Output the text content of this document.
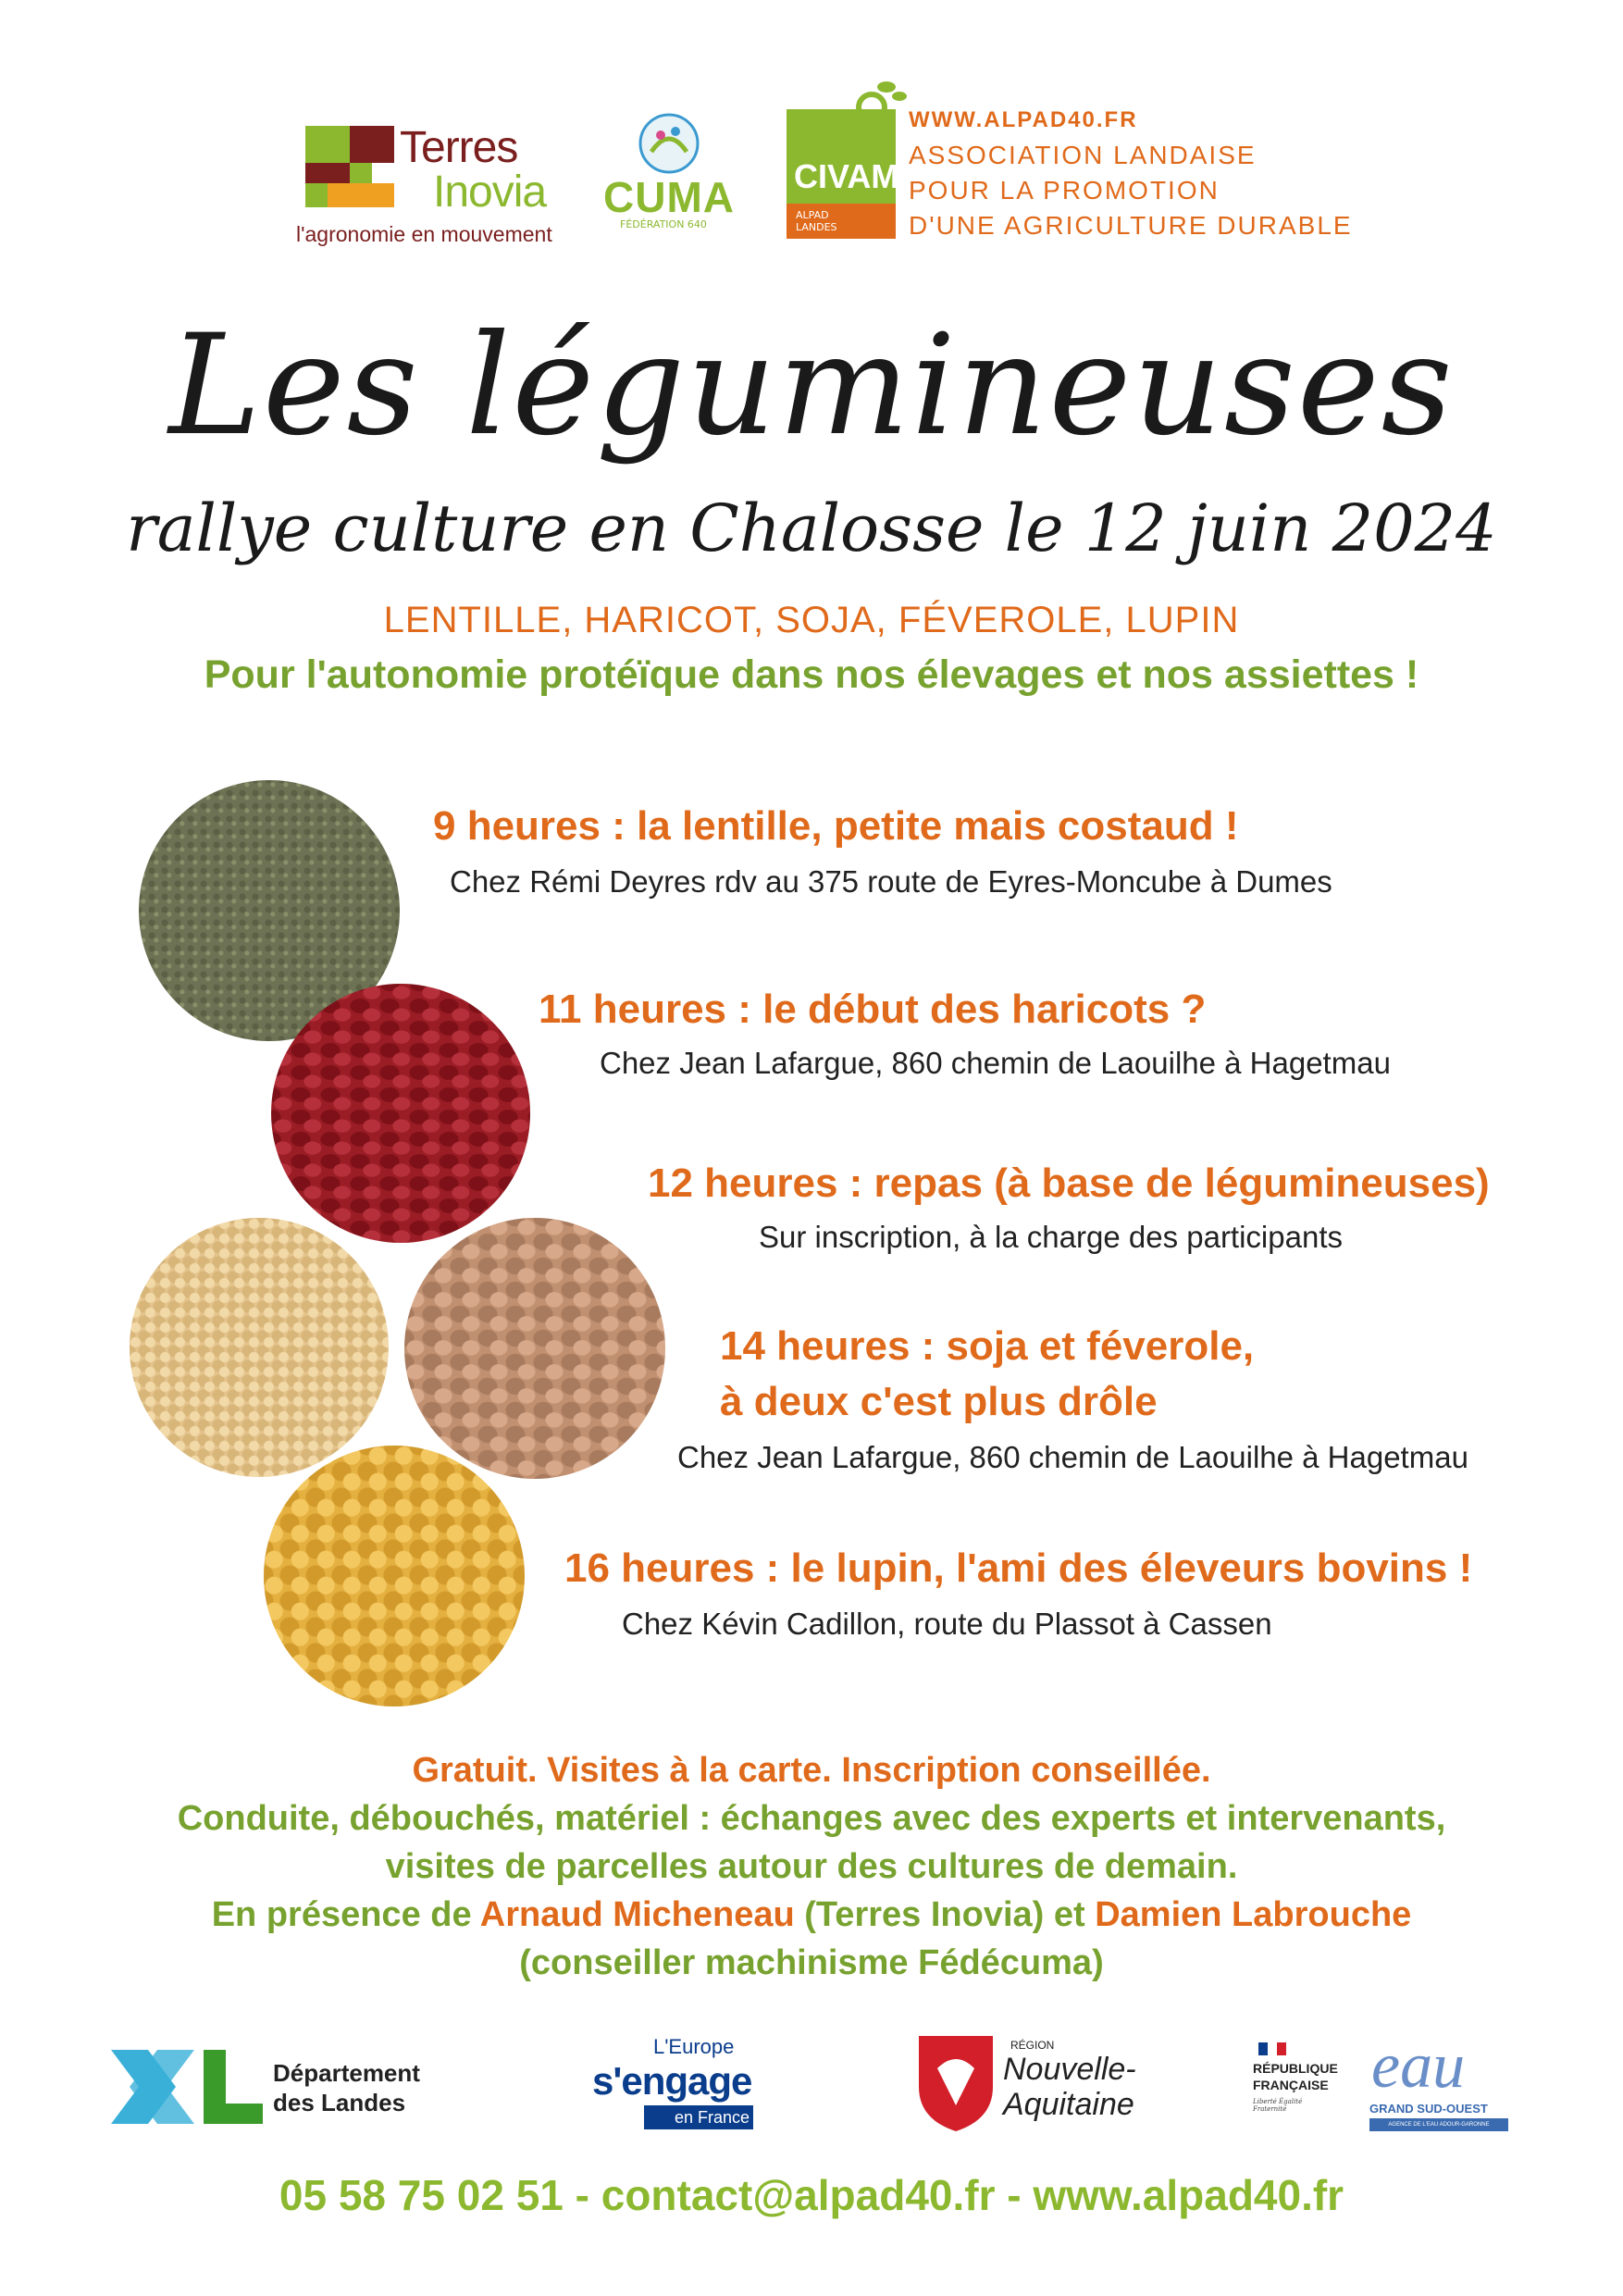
Terres
Inovia
l'agronomie en mouvement
CUMA
FÉDÉRATION 640
CIVAM
ALPAD
LANDES
WWW.ALPAD40.FR
ASSOCIATION LANDAISE
POUR LA PROMOTION
D'UNE AGRICULTURE DURABLE
Les légumineuses
rallye culture en Chalosse le 12 juin 2024
LENTILLE, HARICOT, SOJA, FÉVEROLE, LUPIN
Pour l'autonomie protéïque dans nos élevages et nos assiettes !
9 heures : la lentille, petite mais costaud !
Chez Rémi Deyres rdv au 375 route de Eyres-Moncube à Dumes
11 heures : le début des haricots ?
Chez Jean Lafargue, 860 chemin de Laouilhe à Hagetmau
12 heures : repas (à base de légumineuses)
Sur inscription, à la charge des participants
14 heures : soja et féverole,
à deux c'est plus drôle
Chez Jean Lafargue, 860 chemin de Laouilhe à Hagetmau
16 heures : le lupin, l'ami des éleveurs bovins !
Chez Kévin Cadillon, route du Plassot à Cassen
Gratuit. Visites à la carte. Inscription conseillée.
Conduite, débouchés, matériel : échanges avec des experts et intervenants,
visites de parcelles autour des cultures de demain.
En présence de Arnaud Micheneau (Terres Inovia) et Damien Labrouche
(conseiller machinisme Fédécuma)
Département
des Landes
L'Europe
s'engage
en France
RÉGION
Nouvelle-
Aquitaine
RÉPUBLIQUE
FRANÇAISE
Liberté Égalité Fraternité
eau
GRAND SUD-OUEST
AGENCE DE L'EAU ADOUR-GARONNE
05 58 75 02 51 - contact@alpad40.fr - www.alpad40.fr
